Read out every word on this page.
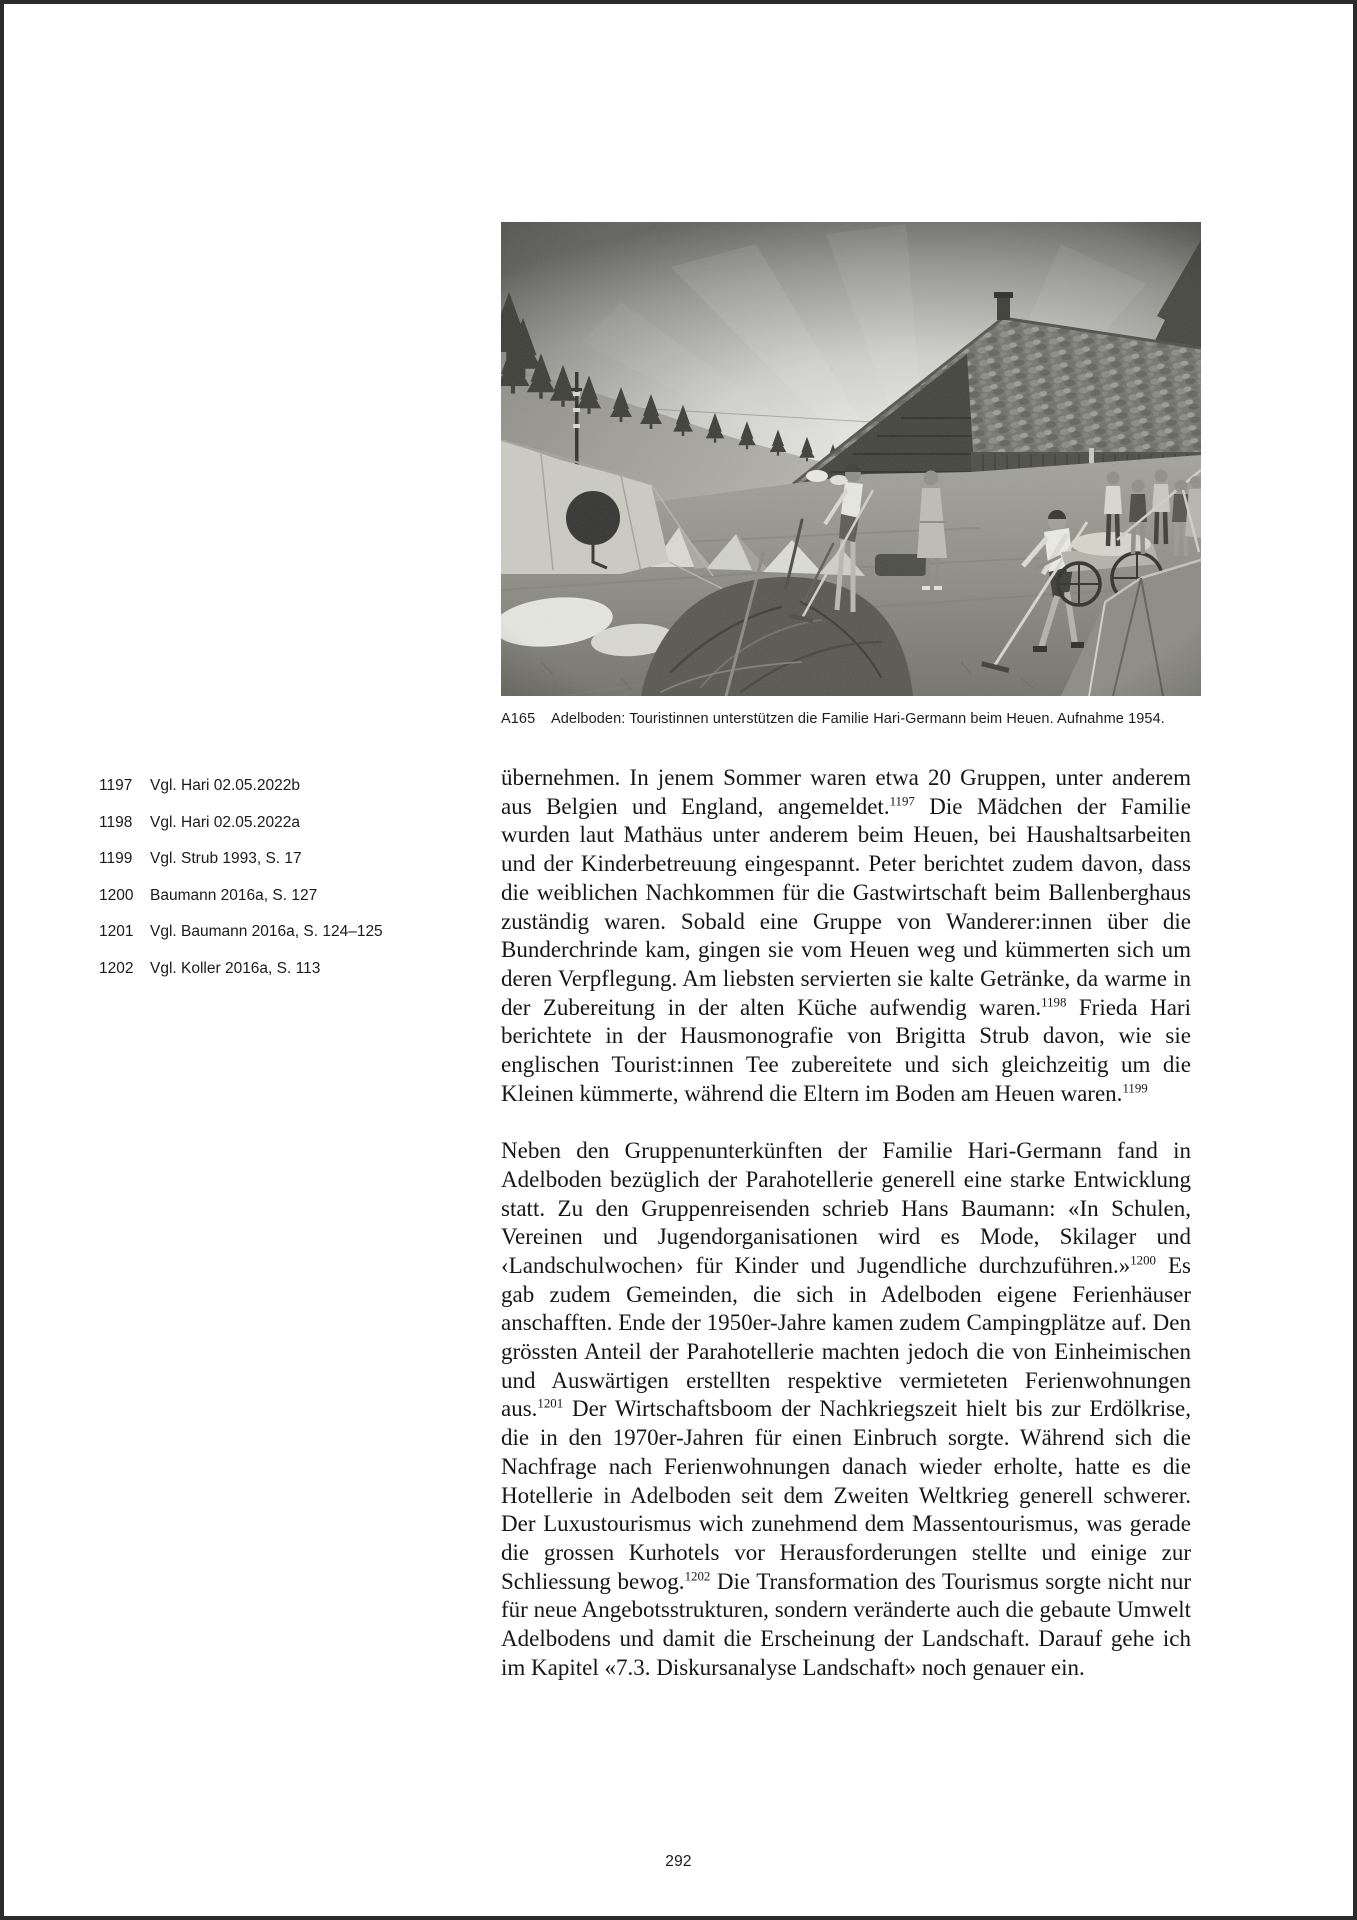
A165	Adelboden: Touristinnen unterstützen die Familie Hari-Germann beim Heuen. Aufnahme 1954.
1197	Vgl. Hari 02.05.2022b
1198	Vgl. Hari 02.05.2022a
1199	Vgl. Strub 1993, S. 17
1200	Baumann 2016a, S. 127
1201	Vgl. Baumann 2016a, S. 124–125
1202	Vgl. Koller 2016a, S. 113

übernehmen. In jenem Sommer waren etwa 20 Gruppen, unter anderem aus Belgien und England, angemeldet.$^{1197}$ Die Mädchen der Familie wurden laut Mathäus unter anderem beim Heuen, bei Haushaltsarbeiten und der Kinderbetreuung eingespannt. Peter berichtet zudem davon, dass die weiblichen Nachkommen für die Gastwirtschaft beim Ballenberghaus zuständig waren. Sobald eine Gruppe von Wanderer:innen über die Bunderchrinde kam, gingen sie vom Heuen weg und kümmerten sich um deren Verpflegung. Am liebsten servierten sie kalte Getränke, da warme in der Zubereitung in der alten Küche aufwendig waren.$^{1198}$ Frieda Hari berichtete in der Hausmonografie von Brigitta Strub davon, wie sie englischen Tourist:innen Tee zubereitete und sich gleichzeitig um die Kleinen kümmerte, während die Eltern im Boden am Heuen waren.$^{1199}$

Neben den Gruppenunterkünften der Familie Hari-Germann fand in Adelboden bezüglich der Parahotellerie generell eine starke Entwicklung statt. Zu den Gruppenreisenden schrieb Hans Baumann: «In Schulen, Vereinen und Jugendorganisationen wird es Mode, Skilager und ‹Landschulwochen› für Kinder und Jugendliche durchzuführen.»$^{1200}$ Es gab zudem Gemeinden, die sich in Adelboden eigene Ferienhäuser anschafften. Ende der 1950er-Jahre kamen zudem Campingplätze auf. Den grössten Anteil der Parahotellerie machten jedoch die von Einheimischen und Auswärtigen erstellten respektive vermieteten Ferienwohnungen aus.$^{1201}$ Der Wirtschaftsboom der Nachkriegszeit hielt bis zur Erdölkrise, die in den 1970er-Jahren für einen Einbruch sorgte. Während sich die Nachfrage nach Ferienwohnungen danach wieder erholte, hatte es die Hotellerie in Adelboden seit dem Zweiten Weltkrieg generell schwerer. Der Luxustourismus wich zunehmend dem Massentourismus, was gerade die grossen Kurhotels vor Herausforderungen stellte und einige zur Schliessung bewog.$^{1202}$ Die Transformation des Tourismus sorgte nicht nur für neue Angebotsstrukturen, sondern veränderte auch die gebaute Umwelt Adelbodens und damit die Erscheinung der Landschaft. Darauf gehe ich im Kapitel «7.3. Diskursanalyse Landschaft» noch genauer ein.

292
